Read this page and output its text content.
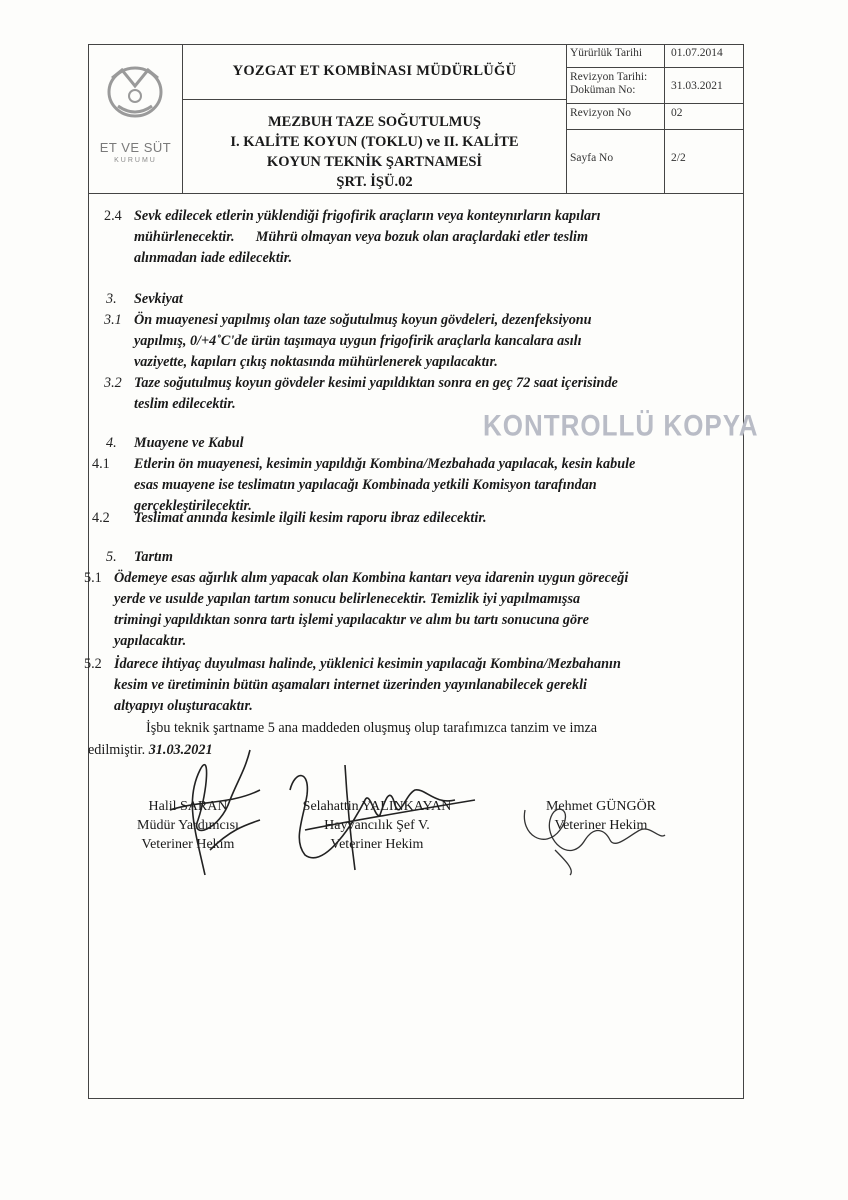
ET VE SÜT
KURUMU
YOZGAT ET KOMBİNASI MÜDÜRLÜĞÜ
MEZBUH TAZE SOĞUTULMUŞ
I. KALİTE KOYUN (TOKLU) ve II. KALİTE
KOYUN TEKNİK ŞARTNAMESİ
ŞRT. İŞÜ.02
Yürürlük Tarihi	01.07.2014
Revizyon Tarihi:
Doküman No:	31.03.2021
Revizyon No	02
Sayfa No	2/2
2.4 Sevk edilecek etlerin yüklendiği frigofirik araçların veya konteynırların kapıları
mühürlenecektir.      Mührü olmayan veya bozuk olan araçlardaki etler teslim
alınmadan iade edilecektir.
3. Sevkiyat
3.1 Ön muayenesi yapılmış olan taze soğutulmuş koyun gövdeleri, dezenfeksiyonu
yapılmış, 0/+4˚C'de ürün taşımaya uygun frigofirik araçlarla kancalara asılı
vaziyette, kapıları çıkış noktasında mühürlenerek yapılacaktır.
3.2 Taze soğutulmuş koyun gövdeler kesimi yapıldıktan sonra en geç 72 saat içerisinde
teslim edilecektir.
4. Muayene ve Kabul
4.1 Etlerin ön muayenesi, kesimin yapıldığı Kombina/Mezbahada yapılacak, kesin kabule
esas muayene ise teslimatın yapılacağı Kombinada yetkili Komisyon tarafından
gerçekleştirilecektir.
4.2 Teslimat anında kesimle ilgili kesim raporu ibraz edilecektir.
5. Tartım
5.1 Ödemeye esas ağırlık alım yapacak olan Kombina kantarı veya idarenin uygun göreceği
yerde ve usulde yapılan tartım sonucu belirlenecektir. Temizlik iyi yapılmamışsa
trimingi yapıldıktan sonra tartı işlemi yapılacaktır ve alım bu tartı sonucuna göre
yapılacaktır.
5.2 İdarece ihtiyaç duyulması halinde, yüklenici kesimin yapılacağı Kombina/Mezbahanın
kesim ve üretiminin bütün aşamaları internet üzerinden yayınlanabilecek gerekli
altyapıyı oluşturacaktır.
KONTROLLÜ KOPYA
İşbu teknik şartname 5 ana maddeden oluşmuş olup tarafımızca tanzim ve imza
edilmiştir. 31.03.2021
Halil SARAN
Müdür Yardımcısı
Veteriner Hekim
Selahattin YALINKAYAN
Hayvancılık Şef V.
Veteriner Hekim
Mehmet GÜNGÖR
Veteriner Hekim
